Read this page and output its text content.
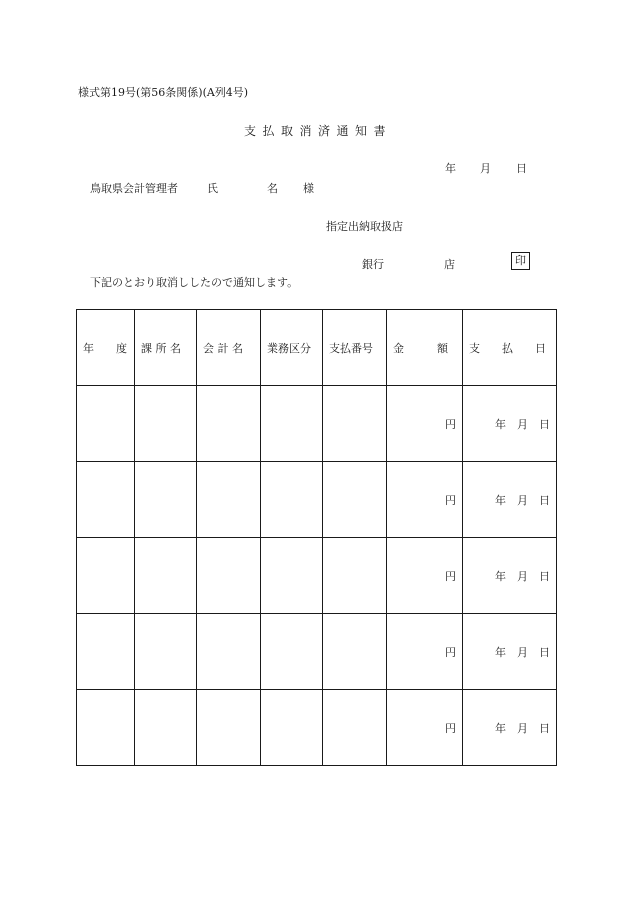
様式第19号(第56条関係)(A列4号)
支払取消済通知書
年 月 日
鳥取県会計管理者	氏	名 様
指定出納取扱店
銀行	店	印
下記のとおり取消ししたので通知します。
年　　度	課 所 名	会 計 名	業務区分	支払番号	金　　　額	支　　払　　日
					円	年　月　日
					円	年　月　日
					円	年　月　日
					円	年　月　日
					円	年　月　日
